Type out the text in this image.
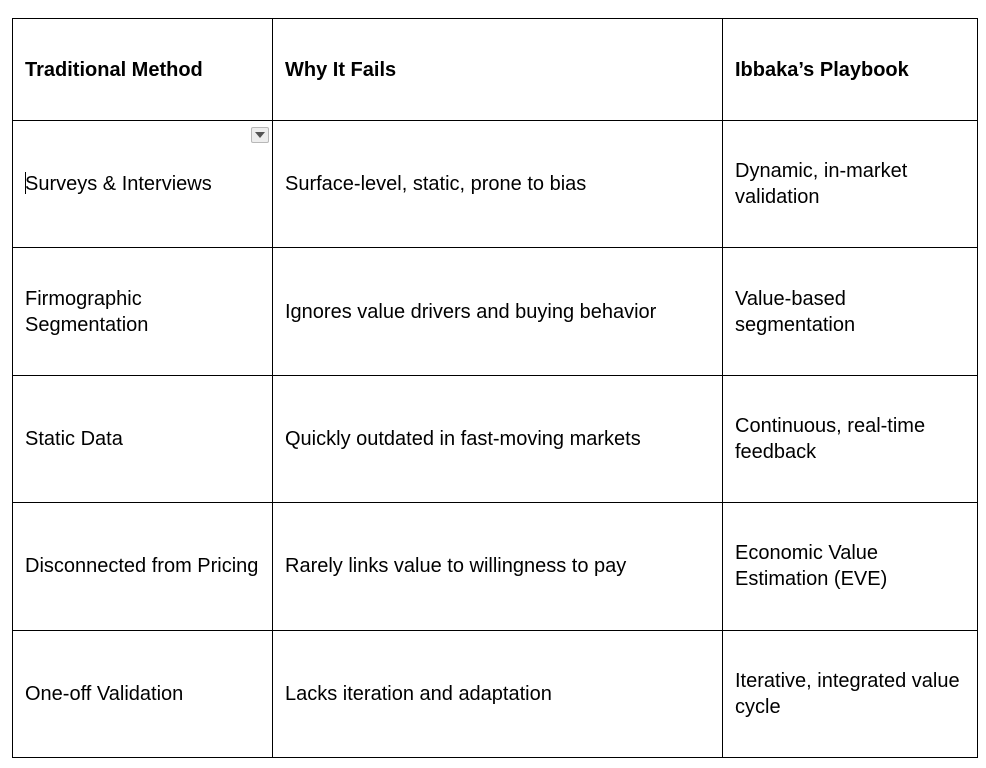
Traditional Method	Why It Fails	Ibbaka’s Playbook
Surveys & Interviews	Surface-level, static, prone to bias	Dynamic, in-market validation
Firmographic Segmentation	Ignores value drivers and buying behavior	Value-based segmentation
Static Data	Quickly outdated in fast-moving markets	Continuous, real-time feedback
Disconnected from Pricing	Rarely links value to willingness to pay	Economic Value Estimation (EVE)
One-off Validation	Lacks iteration and adaptation	Iterative, integrated value cycle
